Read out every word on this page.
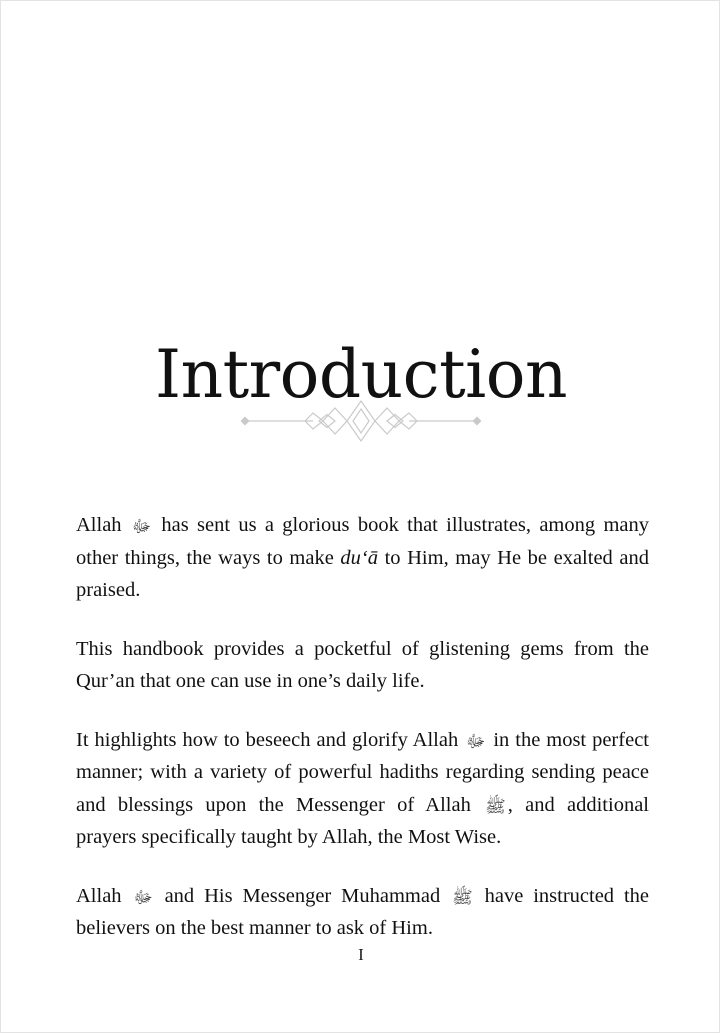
Introduction

Allah ﷻ has sent us a glorious book that illustrates, among many other things, the ways to make duʻā to Him, may He be exalted and praised.

This handbook provides a pocketful of glistening gems from the Qur’an that one can use in one’s daily life.

It highlights how to beseech and glorify Allah ﷻ in the most perfect manner; with a variety of powerful hadiths regarding sending peace and blessings upon the Messenger of Allah ﷺ, and additional prayers specifically taught by Allah, the Most Wise.

Allah ﷻ and His Messenger Muhammad ﷺ have instructed the believers on the best manner to ask of Him.

I
